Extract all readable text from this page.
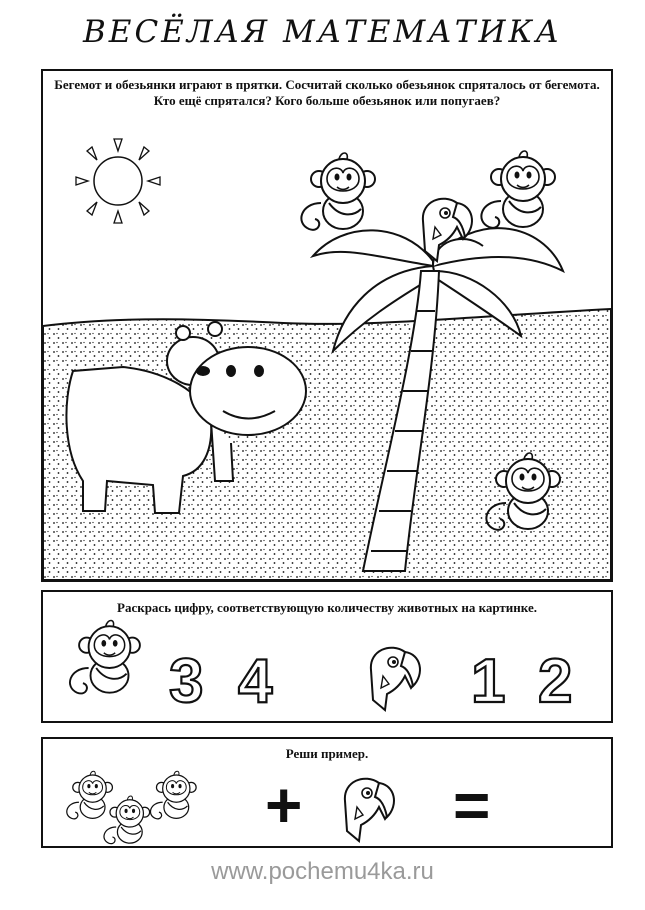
ВЕСЁЛАЯ МАТЕМАТИКА
Бегемот и обезьянки играют в прятки. Сосчитай сколько обезьянок спряталось от бегемота. Кто ещё спрятался? Кого больше обезьянок или попугаев?
Раскрась цифру, соответствующую количеству животных на картинке.
3 4	1 2
Реши пример.
+ =
www.pochemu4ka.ru
